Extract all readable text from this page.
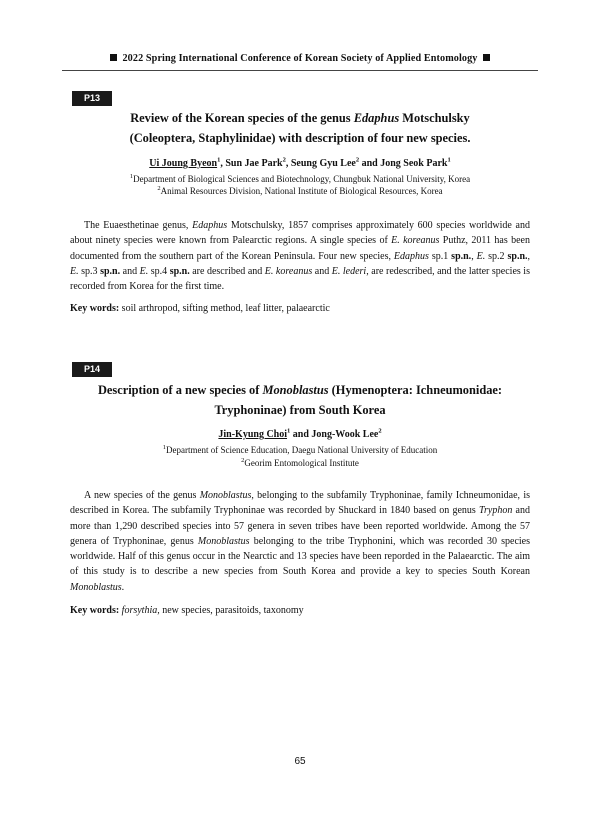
2022 Spring International Conference of Korean Society of Applied Entomology
P13
Review of the Korean species of the genus Edaphus Motschulsky
(Coleoptera, Staphylinidae) with description of four new species.
Ui Joung Byeon$^1$, Sun Jae Park$^2$, Seung Gyu Lee$^2$ and Jong Seok Park$^1$
$^1$Department of Biological Sciences and Biotechnology, Chungbuk National University, Korea
$^2$Animal Resources Division, National Institute of Biological Resources, Korea
The Euaesthetinae genus, Edaphus Motschulsky, 1857 comprises approximately 600 species worldwide and about ninety species were known from Palearctic regions. A single species of E. koreanus Puthz, 2011 has been documented from the southern part of the Korean Peninsula. Four new species, Edaphus sp.1 sp.n., E. sp.2 sp.n., E. sp.3 sp.n. and E. sp.4 sp.n. are described and E. koreanus and E. lederi, are redescribed, and the latter species is recorded from Korea for the first time.
Key words: soil arthropod, sifting method, leaf litter, palaearctic
P14
Description of a new species of Monoblastus (Hymenoptera: Ichneumonidae:
Tryphoninae) from South Korea
Jin-Kyung Choi$^1$ and Jong-Wook Lee$^2$
$^1$Department of Science Education, Daegu National University of Education
$^2$Georim Entomological Institute
A new species of the genus Monoblastus, belonging to the subfamily Tryphoninae, family Ichneumonidae, is described in Korea. The subfamily Tryphoninae was recorded by Shuckard in 1840 based on genus Tryphon and more than 1,290 described species into 57 genera in seven tribes have been reported worldwide. Among the 57 genera of Tryphoninae, genus Monoblastus belonging to the tribe Tryphonini, which was recorded 30 species worldwide. Half of this genus occur in the Nearctic and 13 species have been reporded in the Palaearctic. The aim of this study is to describe a new species from South Korea and provide a key to species South Korean Monoblastus.
Key words: forsythia, new species, parasitoids, taxonomy
65
